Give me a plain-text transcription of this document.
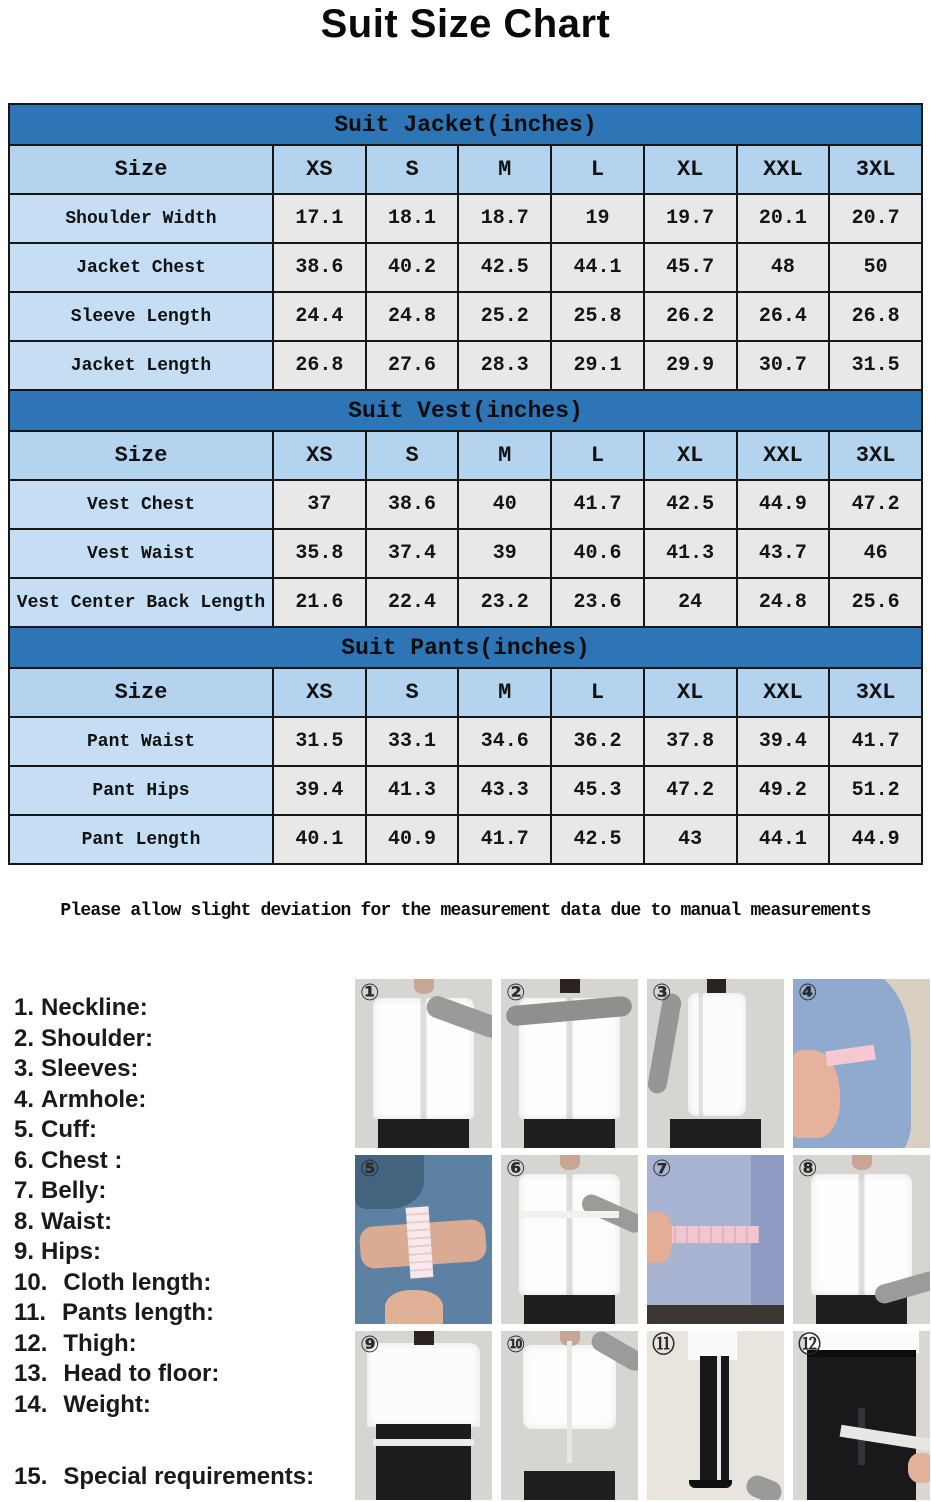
Suit Size Chart
Suit Jacket(inches)							
Size	XS	S	M	L	XL	XXL	3XL
Shoulder Width	17.1	18.1	18.7	19	19.7	20.1	20.7
Jacket Chest	38.6	40.2	42.5	44.1	45.7	48	50
Sleeve Length	24.4	24.8	25.2	25.8	26.2	26.4	26.8
Jacket Length	26.8	27.6	28.3	29.1	29.9	30.7	31.5
Suit Vest(inches)							
Size	XS	S	M	L	XL	XXL	3XL
Vest Chest	37	38.6	40	41.7	42.5	44.9	47.2
Vest Waist	35.8	37.4	39	40.6	41.3	43.7	46
Vest Center Back Length	21.6	22.4	23.2	23.6	24	24.8	25.6
Suit Pants(inches)							
Size	XS	S	M	L	XL	XXL	3XL
Pant Waist	31.5	33.1	34.6	36.2	37.8	39.4	41.7
Pant Hips	39.4	41.3	43.3	45.3	47.2	49.2	51.2
Pant Length	40.1	40.9	41.7	42.5	43	44.1	44.9

Please allow slight deviation for the measurement data due to manual measurements

1. Neckline:
2. Shoulder:
3. Sleeves:
4. Armhole:
5. Cuff:
6. Chest :
7. Belly:
8. Waist:
9. Hips:
10. Cloth length:
11. Pants length:
12. Thigh:
13. Head to floor:
14. Weight:
15. Special requirements:
①	②	③	④
⑤	⑥	⑦	⑧
⑨	⑩	⑪	⑫
